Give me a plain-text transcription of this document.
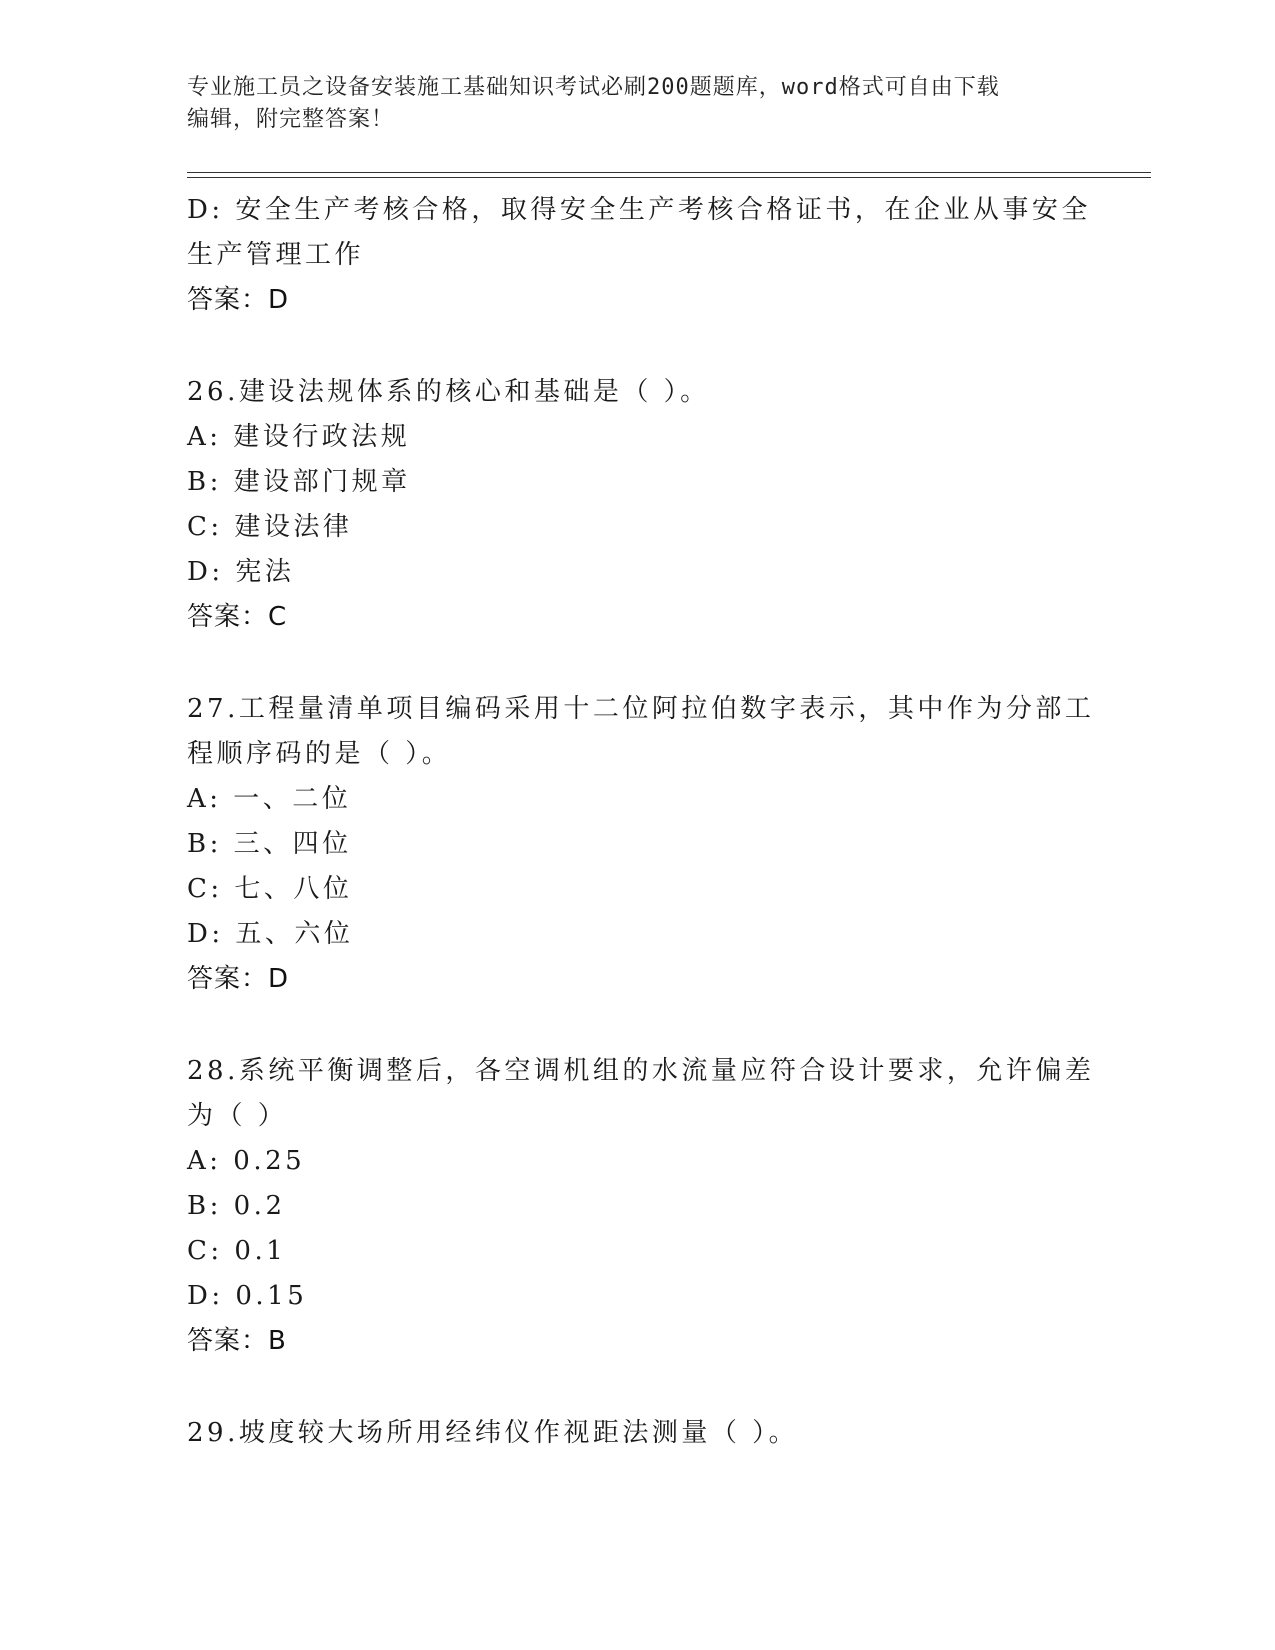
专业施工员之设备安装施工基础知识考试必刷200题题库，word格式可自由下载
编辑，附完整答案！
D: 安全生产考核合格，取得安全生产考核合格证书，在企业从事安全
生产管理工作
答案：D
26.建设法规体系的核心和基础是（ ）。
A: 建设行政法规
B: 建设部门规章
C: 建设法律
D: 宪法
答案：C
27.工程量清单项目编码采用十二位阿拉伯数字表示，其中作为分部工
程顺序码的是（ ）。
A: 一、二位
B: 三、四位
C: 七、八位
D: 五、六位
答案：D
28.系统平衡调整后，各空调机组的水流量应符合设计要求，允许偏差
为（ ）
A: 0.25
B: 0.2
C: 0.1
D: 0.15
答案：B
29.坡度较大场所用经纬仪作视距法测量（ ）。
